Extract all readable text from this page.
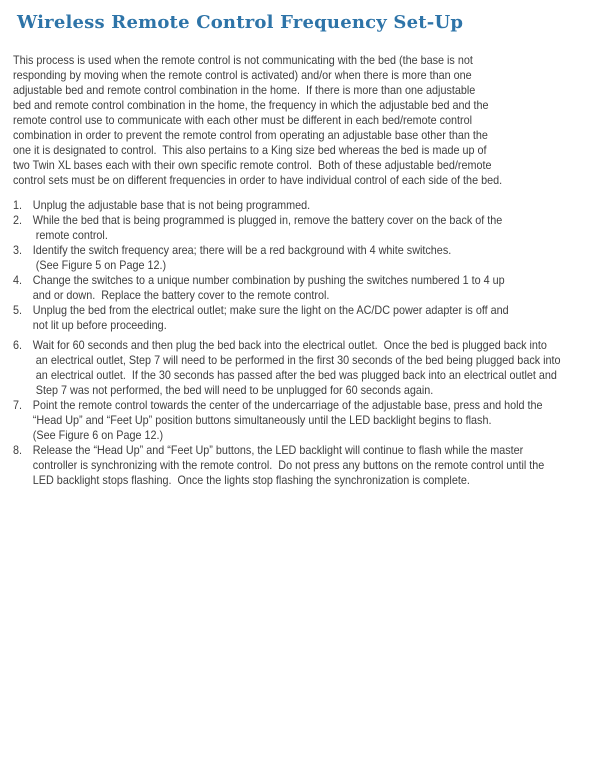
Wireless Remote Control Frequency Set-Up
This process is used when the remote control is not communicating with the bed (the base is not
responding by moving when the remote control is activated) and/or when there is more than one
adjustable bed and remote control combination in the home.  If there is more than one adjustable
bed and remote control combination in the home, the frequency in which the adjustable bed and the
remote control use to communicate with each other must be different in each bed/remote control
combination in order to prevent the remote control from operating an adjustable base other than the
one it is designated to control.  This also pertains to a King size bed whereas the bed is made up of
two Twin XL bases each with their own specific remote control.  Both of these adjustable bed/remote
control sets must be on different frequencies in order to have individual control of each side of the bed.
1. Unplug the adjustable base that is not being programmed.
2. While the bed that is being programmed is plugged in, remove the battery cover on the back of the
remote control.
3. Identify the switch frequency area; there will be a red background with 4 white switches.
(See Figure 5 on Page 12.)
4. Change the switches to a unique number combination by pushing the switches numbered 1 to 4 up
and or down.  Replace the battery cover to the remote control.
5. Unplug the bed from the electrical outlet; make sure the light on the AC/DC power adapter is off and
not lit up before proceeding.
6. Wait for 60 seconds and then plug the bed back into the electrical outlet.  Once the bed is plugged back into
an electrical outlet, Step 7 will need to be performed in the first 30 seconds of the bed being plugged back into
an electrical outlet.  If the 30 seconds has passed after the bed was plugged back into an electrical outlet and
Step 7 was not performed, the bed will need to be unplugged for 60 seconds again.
7. Point the remote control towards the center of the undercarriage of the adjustable base, press and hold the
“Head Up” and “Feet Up” position buttons simultaneously until the LED backlight begins to flash.
(See Figure 6 on Page 12.)
8. Release the “Head Up” and “Feet Up” buttons, the LED backlight will continue to flash while the master
controller is synchronizing with the remote control.  Do not press any buttons on the remote control until the
LED backlight stops flashing.  Once the lights stop flashing the synchronization is complete.
